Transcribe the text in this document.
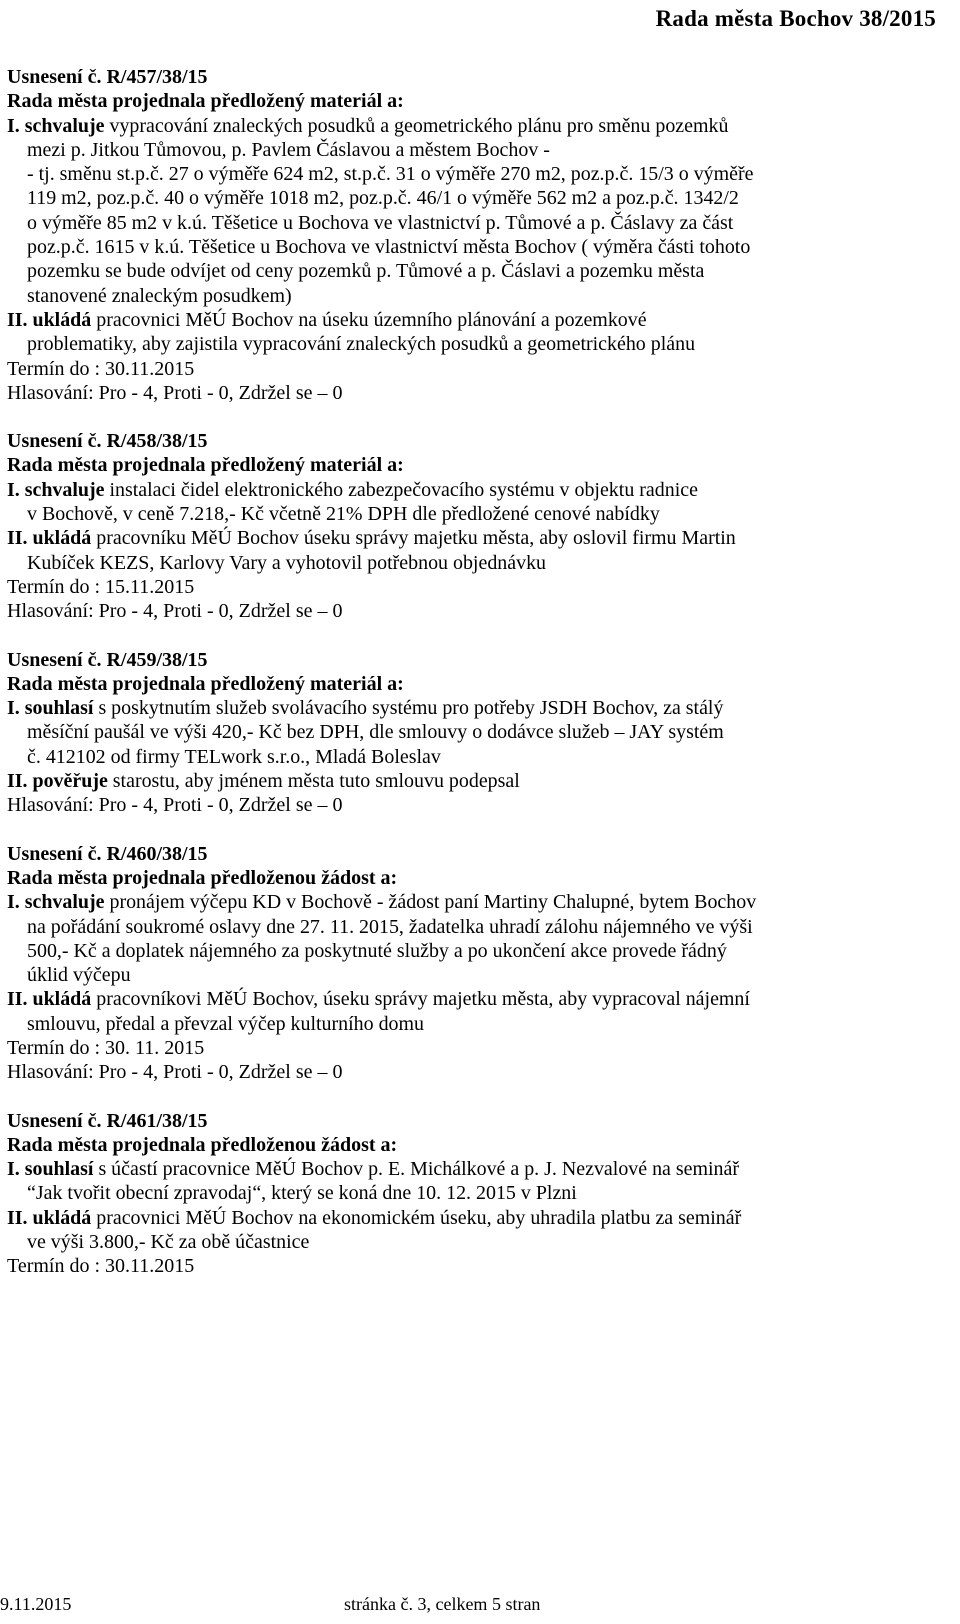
Rada města Bochov 38/2015
Usnesení č. R/457/38/15
Rada města projednala předložený materiál a:
I. schvaluje vypracování znaleckých posudků a geometrického plánu pro směnu pozemků
mezi p. Jitkou Tůmovou, p. Pavlem Čáslavou a městem Bochov -
- tj. směnu st.p.č. 27 o výměře 624 m2, st.p.č. 31 o výměře 270 m2, poz.p.č. 15/3 o výměře
119 m2, poz.p.č. 40 o výměře 1018 m2, poz.p.č. 46/1 o výměře 562 m2 a poz.p.č. 1342/2
o výměře 85 m2 v k.ú. Těšetice u Bochova ve vlastnictví p. Tůmové a p. Čáslavy za část
poz.p.č. 1615 v k.ú. Těšetice u Bochova ve vlastnictví města Bochov ( výměra části tohoto
pozemku se bude odvíjet od ceny pozemků p. Tůmové a p. Čáslavi a pozemku města
stanovené znaleckým posudkem)
II. ukládá pracovnici MěÚ Bochov na úseku územního plánování a pozemkové
problematiky, aby zajistila vypracování znaleckých posudků a geometrického plánu
Termín do : 30.11.2015
Hlasování: Pro - 4, Proti - 0, Zdržel se – 0
Usnesení č. R/458/38/15
Rada města projednala předložený materiál a:
I. schvaluje instalaci čidel elektronického zabezpečovacího systému v objektu radnice
v Bochově, v ceně 7.218,- Kč včetně 21% DPH dle předložené cenové nabídky
II. ukládá pracovníku MěÚ Bochov úseku správy majetku města, aby oslovil firmu Martin
Kubíček KEZS, Karlovy Vary a vyhotovil potřebnou objednávku
Termín do : 15.11.2015
Hlasování: Pro - 4, Proti - 0, Zdržel se – 0
Usnesení č. R/459/38/15
Rada města projednala předložený materiál a:
I. souhlasí s poskytnutím služeb svolávacího systému pro potřeby JSDH Bochov, za stálý
měsíční paušál ve výši 420,- Kč bez DPH, dle smlouvy o dodávce služeb – JAY systém
č. 412102 od firmy TELwork s.r.o., Mladá Boleslav
II. pověřuje starostu, aby jménem města tuto smlouvu podepsal
Hlasování: Pro - 4, Proti - 0, Zdržel se – 0
Usnesení č. R/460/38/15
Rada města projednala předloženou žádost a:
I. schvaluje pronájem výčepu KD v Bochově - žádost paní Martiny Chalupné, bytem Bochov
na pořádání soukromé oslavy dne 27. 11. 2015, žadatelka uhradí zálohu nájemného ve výši
500,- Kč a doplatek nájemného za poskytnuté služby a po ukončení akce provede řádný
úklid výčepu
II. ukládá pracovníkovi MěÚ Bochov, úseku správy majetku města, aby vypracoval nájemní
smlouvu, předal a převzal výčep kulturního domu
Termín do : 30. 11. 2015
Hlasování: Pro - 4, Proti - 0, Zdržel se – 0
Usnesení č. R/461/38/15
Rada města projednala předloženou žádost a:
I. souhlasí s účastí pracovnice MěÚ Bochov p. E. Michálkové a p. J. Nezvalové na seminář
“Jak tvořit obecní zpravodaj“, který se koná dne 10. 12. 2015 v Plzni
II. ukládá pracovnici MěÚ Bochov na ekonomickém úseku, aby uhradila platbu za seminář
ve výši 3.800,- Kč za obě účastnice
Termín do : 30.11.2015
9.11.2015	stránka č. 3, celkem 5 stran
